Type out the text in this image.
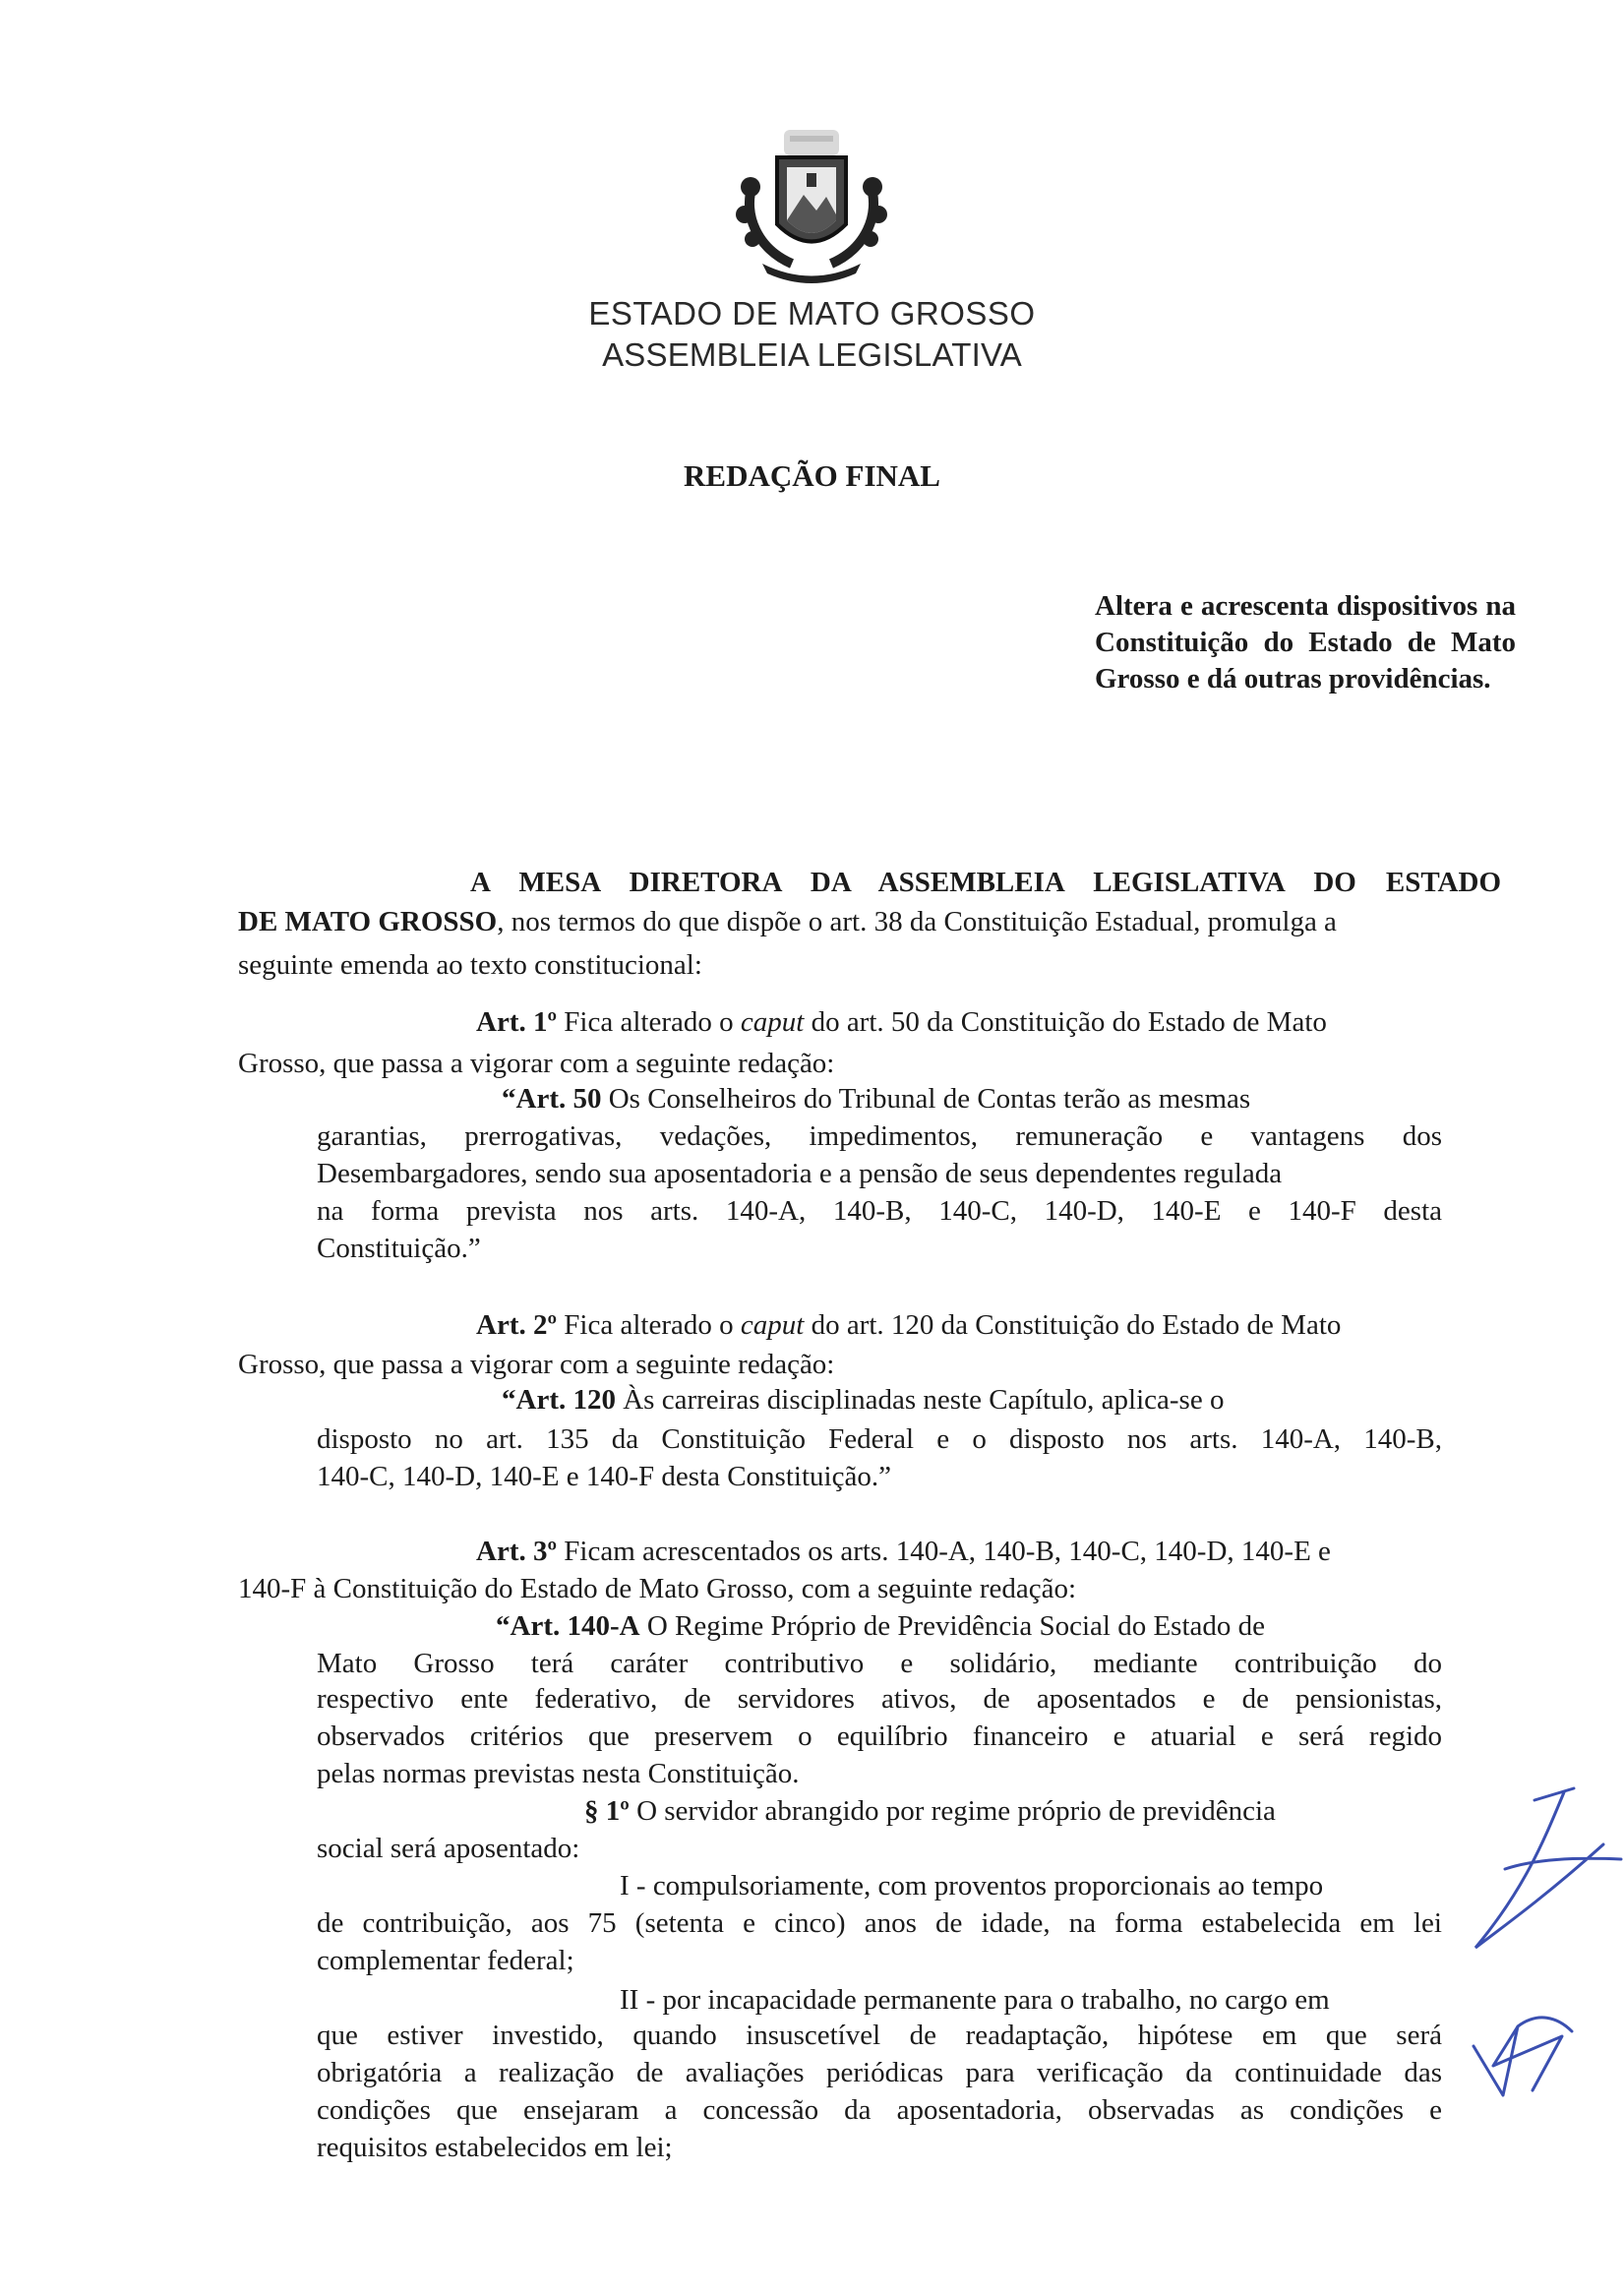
ESTADO DE MATO GROSSO
ASSEMBLEIA LEGISLATIVA
REDAÇÃO FINAL
Altera e acrescenta dispositivos na Constituição do Estado de Mato Grosso e dá outras providências.
A MESA DIRETORA DA ASSEMBLEIA LEGISLATIVA DO ESTADO
DE MATO GROSSO, nos termos do que dispõe o art. 38 da Constituição Estadual, promulga a
seguinte emenda ao texto constitucional:
Art. 1º Fica alterado o caput do art. 50 da Constituição do Estado de Mato
Grosso, que passa a vigorar com a seguinte redação:
“Art. 50 Os Conselheiros do Tribunal de Contas terão as mesmas
garantias, prerrogativas, vedações, impedimentos, remuneração e vantagens dos
Desembargadores, sendo sua aposentadoria e a pensão de seus dependentes regulada
na forma prevista nos arts. 140-A, 140-B, 140-C, 140-D, 140-E e 140-F desta
Constituição.”
Art. 2º Fica alterado o caput do art. 120 da Constituição do Estado de Mato
Grosso, que passa a vigorar com a seguinte redação:
“Art. 120 Às carreiras disciplinadas neste Capítulo, aplica-se o
disposto no art. 135 da Constituição Federal e o disposto nos arts. 140-A, 140-B,
140-C, 140-D, 140-E e 140-F desta Constituição.”
Art. 3º Ficam acrescentados os arts. 140-A, 140-B, 140-C, 140-D, 140-E e
140-F à Constituição do Estado de Mato Grosso, com a seguinte redação:
“Art. 140-A O Regime Próprio de Previdência Social do Estado de
Mato Grosso terá caráter contributivo e solidário, mediante contribuição do
respectivo ente federativo, de servidores ativos, de aposentados e de pensionistas,
observados critérios que preservem o equilíbrio financeiro e atuarial e será regido
pelas normas previstas nesta Constituição.
§ 1º O servidor abrangido por regime próprio de previdência
social será aposentado:
I - compulsoriamente, com proventos proporcionais ao tempo
de contribuição, aos 75 (setenta e cinco) anos de idade, na forma estabelecida em lei
complementar federal;
II - por incapacidade permanente para o trabalho, no cargo em
que estiver investido, quando insuscetível de readaptação, hipótese em que será
obrigatória a realização de avaliações periódicas para verificação da continuidade das
condições que ensejaram a concessão da aposentadoria, observadas as condições e
requisitos estabelecidos em lei;
